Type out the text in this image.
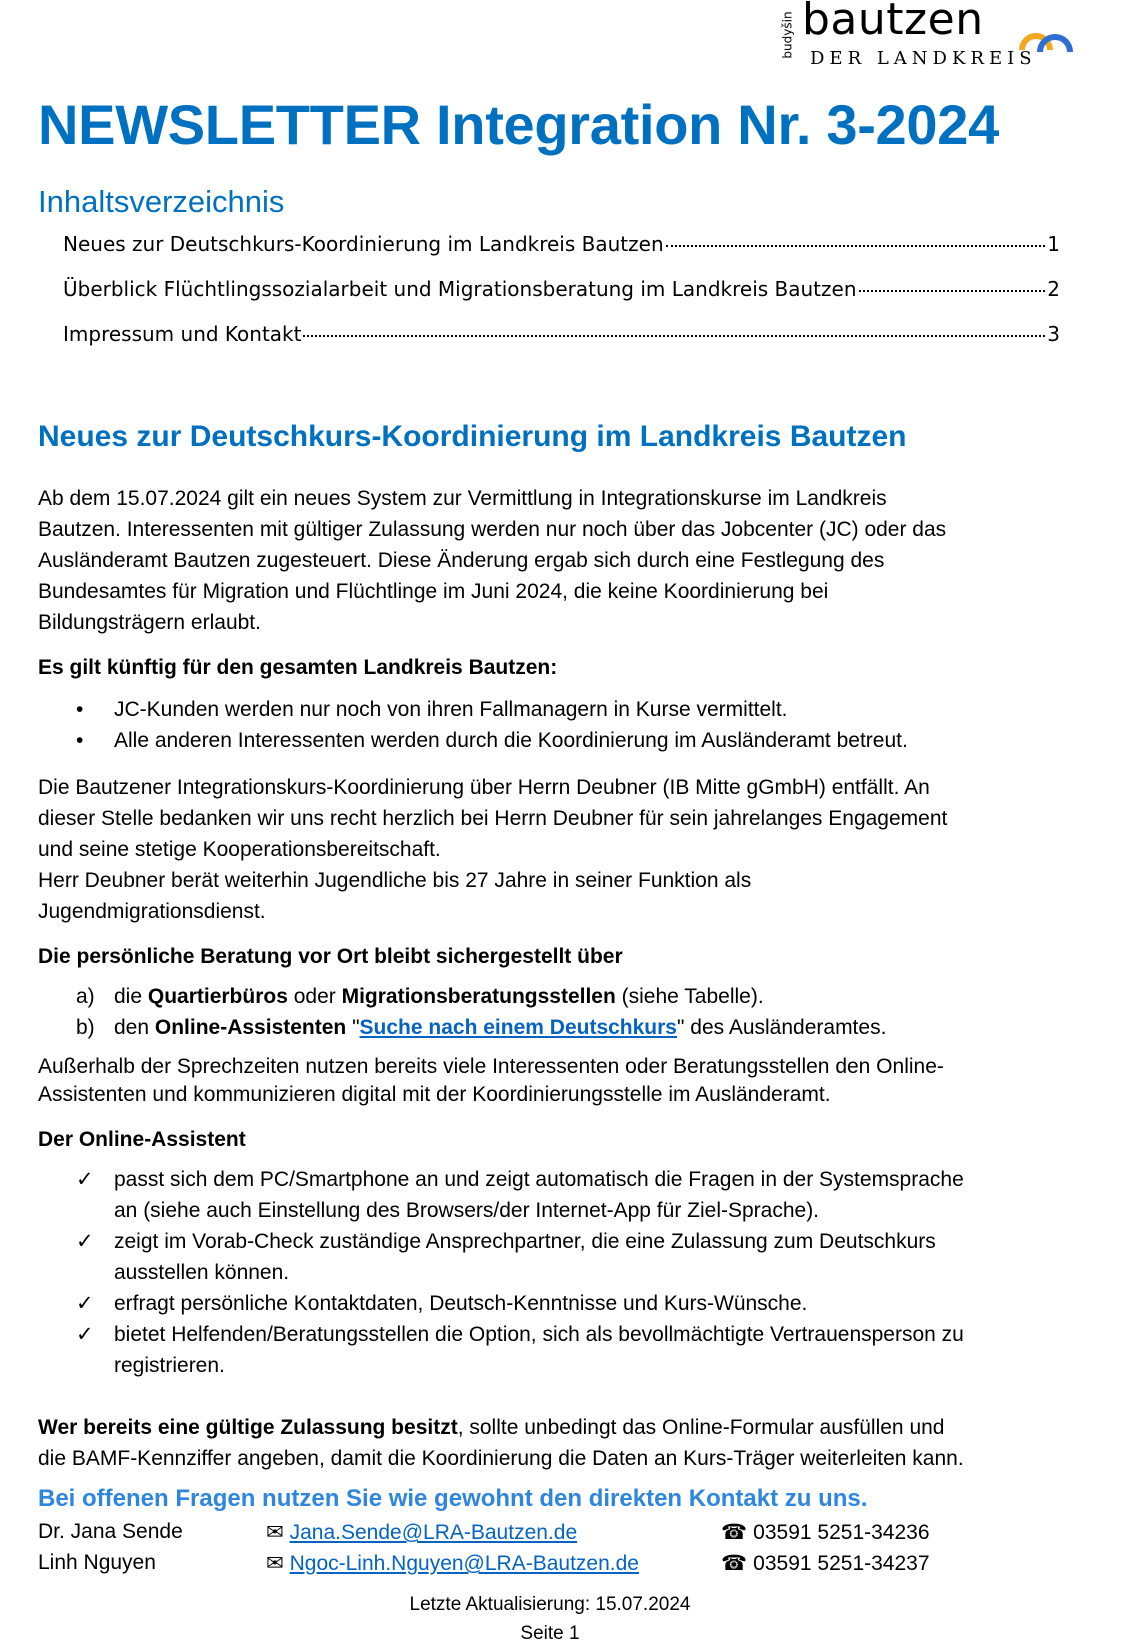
budyšin bautzen
DER LANDKREIS
NEWSLETTER Integration Nr. 3-2024
Inhaltsverzeichnis
Neues zur Deutschkurs-Koordinierung im Landkreis Bautzen	1
Überblick Flüchtlingssozialarbeit und Migrationsberatung im Landkreis Bautzen	2
Impressum und Kontakt	3
Neues zur Deutschkurs-Koordinierung im Landkreis Bautzen
Ab dem 15.07.2024 gilt ein neues System zur Vermittlung in Integrationskurse im Landkreis
Bautzen. Interessenten mit gültiger Zulassung werden nur noch über das Jobcenter (JC) oder das
Ausländeramt Bautzen zugesteuert. Diese Änderung ergab sich durch eine Festlegung des
Bundesamtes für Migration und Flüchtlinge im Juni 2024, die keine Koordinierung bei
Bildungsträgern erlaubt.
Es gilt künftig für den gesamten Landkreis Bautzen:
• JC-Kunden werden nur noch von ihren Fallmanagern in Kurse vermittelt.
• Alle anderen Interessenten werden durch die Koordinierung im Ausländeramt betreut.
Die Bautzener Integrationskurs-Koordinierung über Herrn Deubner (IB Mitte gGmbH) entfällt. An
dieser Stelle bedanken wir uns recht herzlich bei Herrn Deubner für sein jahrelanges Engagement
und seine stetige Kooperationsbereitschaft.
Herr Deubner berät weiterhin Jugendliche bis 27 Jahre in seiner Funktion als
Jugendmigrationsdienst.
Die persönliche Beratung vor Ort bleibt sichergestellt über
a) die Quartierbüros oder Migrationsberatungsstellen (siehe Tabelle).
b) den Online-Assistenten "Suche nach einem Deutschkurs" des Ausländeramtes.
Außerhalb der Sprechzeiten nutzen bereits viele Interessenten oder Beratungsstellen den Online-
Assistenten und kommunizieren digital mit der Koordinierungsstelle im Ausländeramt.
Der Online-Assistent
✓ passt sich dem PC/Smartphone an und zeigt automatisch die Fragen in der Systemsprache
an (siehe auch Einstellung des Browsers/der Internet-App für Ziel-Sprache).
✓ zeigt im Vorab-Check zuständige Ansprechpartner, die eine Zulassung zum Deutschkurs
ausstellen können.
✓ erfragt persönliche Kontaktdaten, Deutsch-Kenntnisse und Kurs-Wünsche.
✓ bietet Helfenden/Beratungsstellen die Option, sich als bevollmächtigte Vertrauensperson zu
registrieren.
Wer bereits eine gültige Zulassung besitzt, sollte unbedingt das Online-Formular ausfüllen und
die BAMF-Kennziffer angeben, damit die Koordinierung die Daten an Kurs-Träger weiterleiten kann.
Bei offenen Fragen nutzen Sie wie gewohnt den direkten Kontakt zu uns.
Dr. Jana Sende	✉ Jana.Sende@LRA-Bautzen.de	☎ 03591 5251-34236
Linh Nguyen	✉ Ngoc-Linh.Nguyen@LRA-Bautzen.de	☎ 03591 5251-34237
Letzte Aktualisierung: 15.07.2024
Seite 1
